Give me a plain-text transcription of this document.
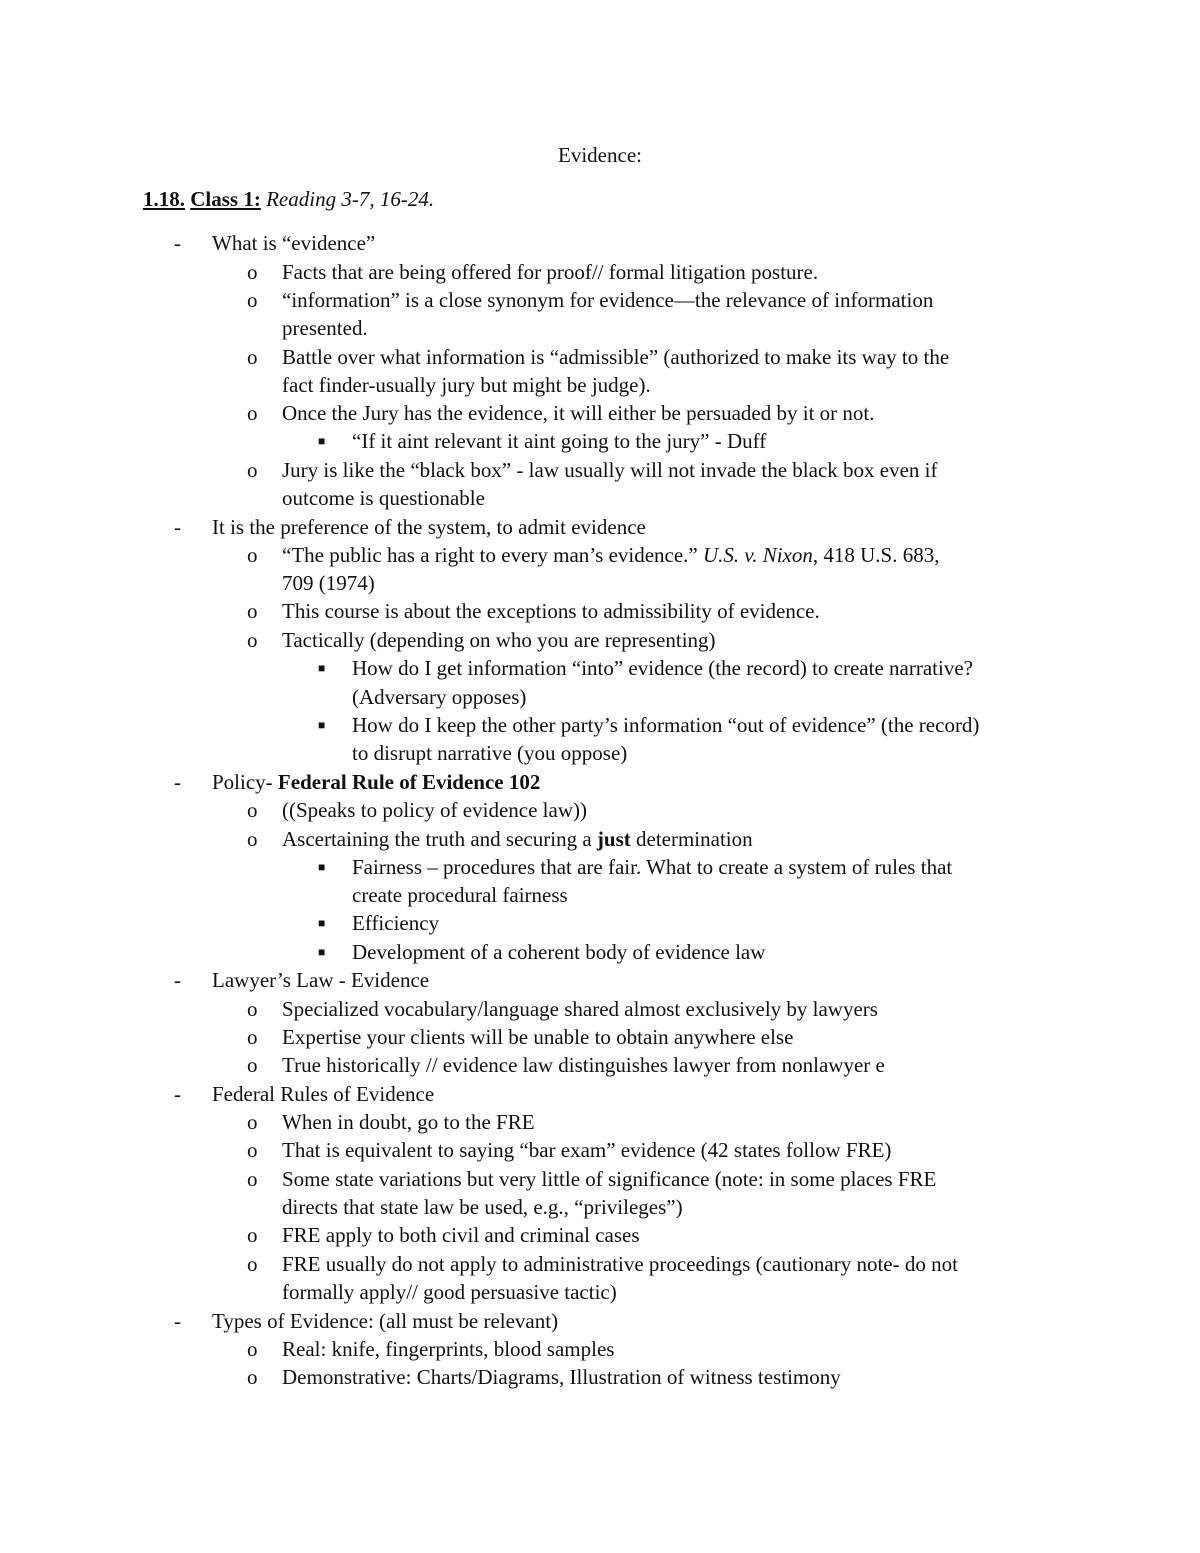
Evidence:
1.18. Class 1: Reading 3-7, 16-24.
- What is “evidence”
o Facts that are being offered for proof// formal litigation posture.
o “information” is a close synonym for evidence—the relevance of information
presented.
o Battle over what information is “admissible” (authorized to make its way to the
fact finder-usually jury but might be judge).
o Once the Jury has the evidence, it will either be persuaded by it or not.
■ “If it aint relevant it aint going to the jury” - Duff
o Jury is like the “black box” - law usually will not invade the black box even if
outcome is questionable
- It is the preference of the system, to admit evidence
o “The public has a right to every man’s evidence.” U.S. v. Nixon, 418 U.S. 683,
709 (1974)
o This course is about the exceptions to admissibility of evidence.
o Tactically (depending on who you are representing)
■ How do I get information “into” evidence (the record) to create narrative?
(Adversary opposes)
■ How do I keep the other party’s information “out of evidence” (the record)
to disrupt narrative (you oppose)
- Policy- Federal Rule of Evidence 102
o ((Speaks to policy of evidence law))
o Ascertaining the truth and securing a just determination
■ Fairness – procedures that are fair. What to create a system of rules that
create procedural fairness
■ Efficiency
■ Development of a coherent body of evidence law
- Lawyer’s Law - Evidence
o Specialized vocabulary/language shared almost exclusively by lawyers
o Expertise your clients will be unable to obtain anywhere else
o True historically // evidence law distinguishes lawyer from nonlawyer e
- Federal Rules of Evidence
o When in doubt, go to the FRE
o That is equivalent to saying “bar exam” evidence (42 states follow FRE)
o Some state variations but very little of significance (note: in some places FRE
directs that state law be used, e.g., “privileges”)
o FRE apply to both civil and criminal cases
o FRE usually do not apply to administrative proceedings (cautionary note- do not
formally apply// good persuasive tactic)
- Types of Evidence: (all must be relevant)
o Real: knife, fingerprints, blood samples
o Demonstrative: Charts/Diagrams, Illustration of witness testimony
